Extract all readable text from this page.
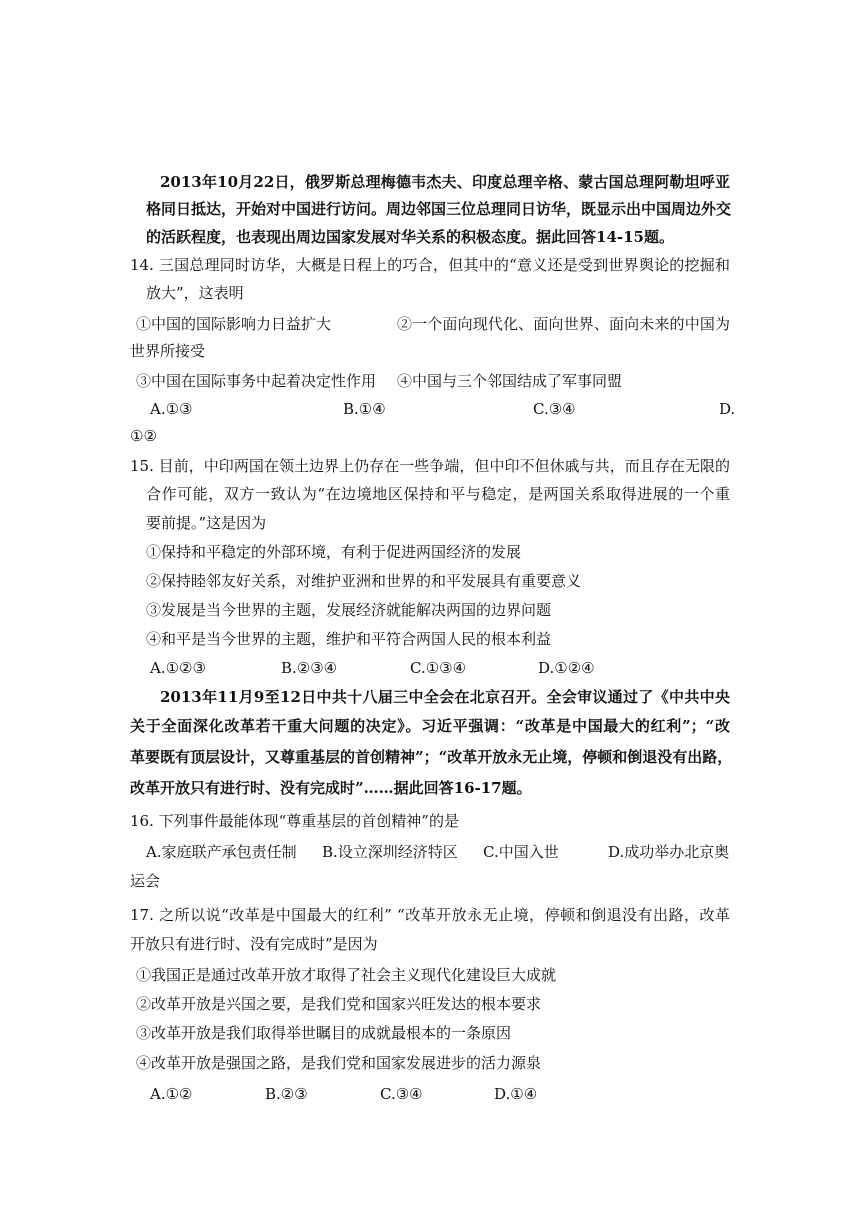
2013年10月22日，俄罗斯总理梅德韦杰夫、印度总理辛格、蒙古国总理阿勒坦呼亚
格同日抵达，开始对中国进行访问。周边邻国三位总理同日访华，既显示出中国周边外交
的活跃程度，也表现出周边国家发展对华关系的积极态度。据此回答14-15题。
14. 三国总理同时访华，大概是日程上的巧合，但其中的“意义还是受到世界舆论的挖掘和
放大”，这表明
①中国的国际影响力日益扩大	②一个面向现代化、面向世界、面向未来的中国为
世界所接受
③中国在国际事务中起着决定性作用 ④中国与三个邻国结成了军事同盟
A.①③	B.①④	C.③④	D.
①②
15. 目前，中印两国在领土边界上仍存在一些争端，但中印不但休戚与共，而且存在无限的
合作可能，双方一致认为“在边境地区保持和平与稳定，是两国关系取得进展的一个重
要前提。”这是因为
①保持和平稳定的外部环境，有利于促进两国经济的发展
②保持睦邻友好关系，对维护亚洲和世界的和平发展具有重要意义
③发展是当今世界的主题，发展经济就能解决两国的边界问题
④和平是当今世界的主题，维护和平符合两国人民的根本利益
A.①②③	B.②③④	C.①③④	D.①②④
2013年11月9至12日中共十八届三中全会在北京召开。全会审议通过了《中共中央
关于全面深化改革若干重大问题的决定》。习近平强调：“改革是中国最大的红利”；“改
革要既有顶层设计，又尊重基层的首创精神”；“改革开放永无止境，停顿和倒退没有出路，
改革开放只有进行时、没有完成时”……据此回答16-17题。
16. 下列事件最能体现“尊重基层的首创精神”的是
A.家庭联产承包责任制 B.设立深圳经济特区 C.中国入世	D.成功举办北京奥
运会
17. 之所以说“改革是中国最大的红利” “改革开放永无止境，停顿和倒退没有出路，改革
开放只有进行时、没有完成时”是因为
①我国正是通过改革开放才取得了社会主义现代化建设巨大成就
②改革开放是兴国之要，是我们党和国家兴旺发达的根本要求
③改革开放是我们取得举世瞩目的成就最根本的一条原因
④改革开放是强国之路，是我们党和国家发展进步的活力源泉
A.①②	B.②③	C.③④	D.①④
